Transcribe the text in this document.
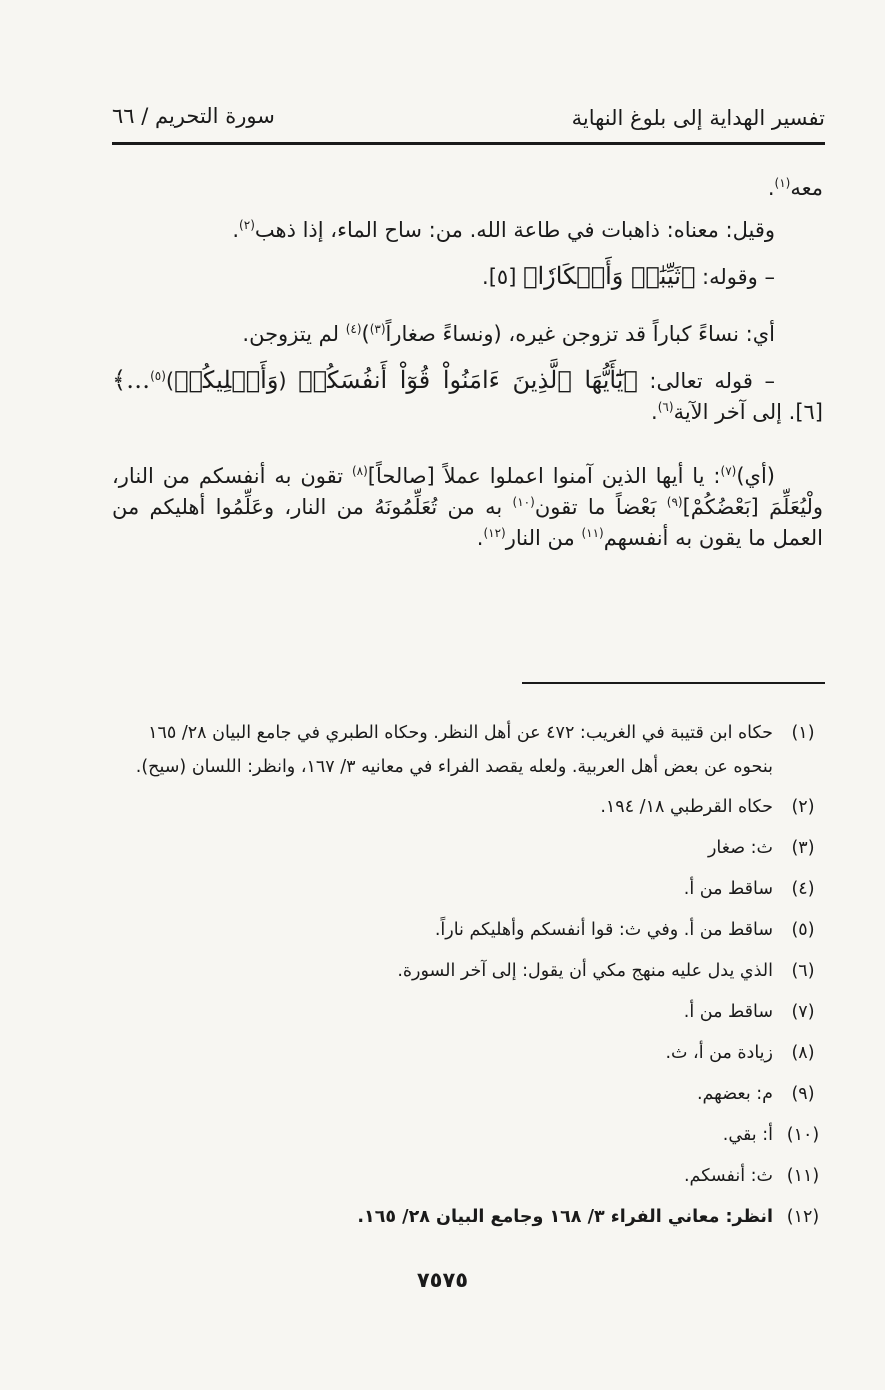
تفسير الهداية إلى بلوغ النهاية
سورة التحريم / ٦٦

معه$^{(١)}$.

وقيل: معناه: ذاهبات في طاعة الله. من: ساح الماء، إذا ذهب$^{(٢)}$.

– وقوله: ﴿ثَيِّبَٰتٖ وَأَبۡكَارٗا﴾ [٥].

أي: نساءً كباراً قد تزوجن غيره، (ونساءً صغاراً$^{(٣)}$)$^{(٤)}$ لم يتزوجن.

– قوله تعالى: ﴿يَٰٓأَيُّهَا ٱلَّذِينَ ءَامَنُواْ قُوٓاْ أَنفُسَكُمۡ (وَأَهۡلِيكُمۡ)$^{(٥)}$…﴾ [٦]. إلى آخر الآية$^{(٦)}$.

(أي)$^{(٧)}$: يا أيها الذين آمنوا اعملوا عملاً [صالحاً]$^{(٨)}$ تقون به أنفسكم من النار، ولْيُعَلِّمَ [بَعْضُكُمْ]$^{(٩)}$ بَعْضاً ما تقون$^{(١٠)}$ به من تُعَلِّمُونَهُ من النار، وعَلِّمُوا أهليكم من العمل ما يقون به أنفسهم$^{(١١)}$ من النار$^{(١٢)}$.

(١)
حكاه ابن قتيبة في الغريب: ٤٧٢ عن أهل النظر. وحكاه الطبري في جامع البيان ٢٨/ ١٦٥ بنحوه عن بعض أهل العربية. ولعله يقصد الفراء في معانيه ٣/ ١٦٧، وانظر: اللسان (سيح).
(٢)
حكاه القرطبي ١٨/ ١٩٤.
(٣)
ث: صغار
(٤)
ساقط من أ.
(٥)
ساقط من أ. وفي ث: قوا أنفسكم وأهليكم ناراً.
(٦)
الذي يدل عليه منهج مكي أن يقول: إلى آخر السورة.
(٧)
ساقط من أ.
(٨)
زيادة من أ، ث.
(٩)
م: بعضهم.
(١٠)
أ: بقي.
(١١)
ث: أنفسكم.
(١٢)
انظر: معاني الفراء ٣/ ١٦٨ وجامع البيان ٢٨/ ١٦٥.
٧٥٧٥
